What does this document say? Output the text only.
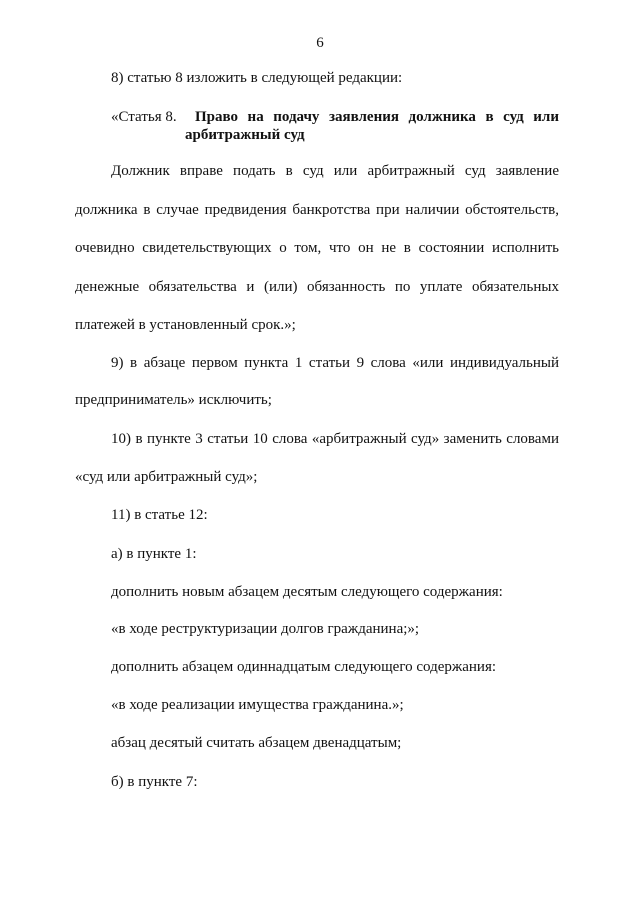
6
8) статью 8 изложить в следующей редакции:
«Статья 8. Право на подачу заявления должника в суд или
арбитражный суд
Должник вправе подать в суд или арбитражный суд заявление
должника в случае предвидения банкротства при наличии обстоятельств,
очевидно свидетельствующих о том, что он не в состоянии исполнить
денежные обязательства и (или) обязанность по уплате обязательных
платежей в установленный срок.»;
9) в абзаце первом пункта 1 статьи 9 слова «или индивидуальный
предприниматель» исключить;
10) в пункте 3 статьи 10 слова «арбитражный суд» заменить словами
«суд или арбитражный суд»;
11) в статье 12:
а) в пункте 1:
дополнить новым абзацем десятым следующего содержания:
«в ходе реструктуризации долгов гражданина;»;
дополнить абзацем одиннадцатым следующего содержания:
«в ходе реализации имущества гражданина.»;
абзац десятый считать абзацем двенадцатым;
б) в пункте 7:
